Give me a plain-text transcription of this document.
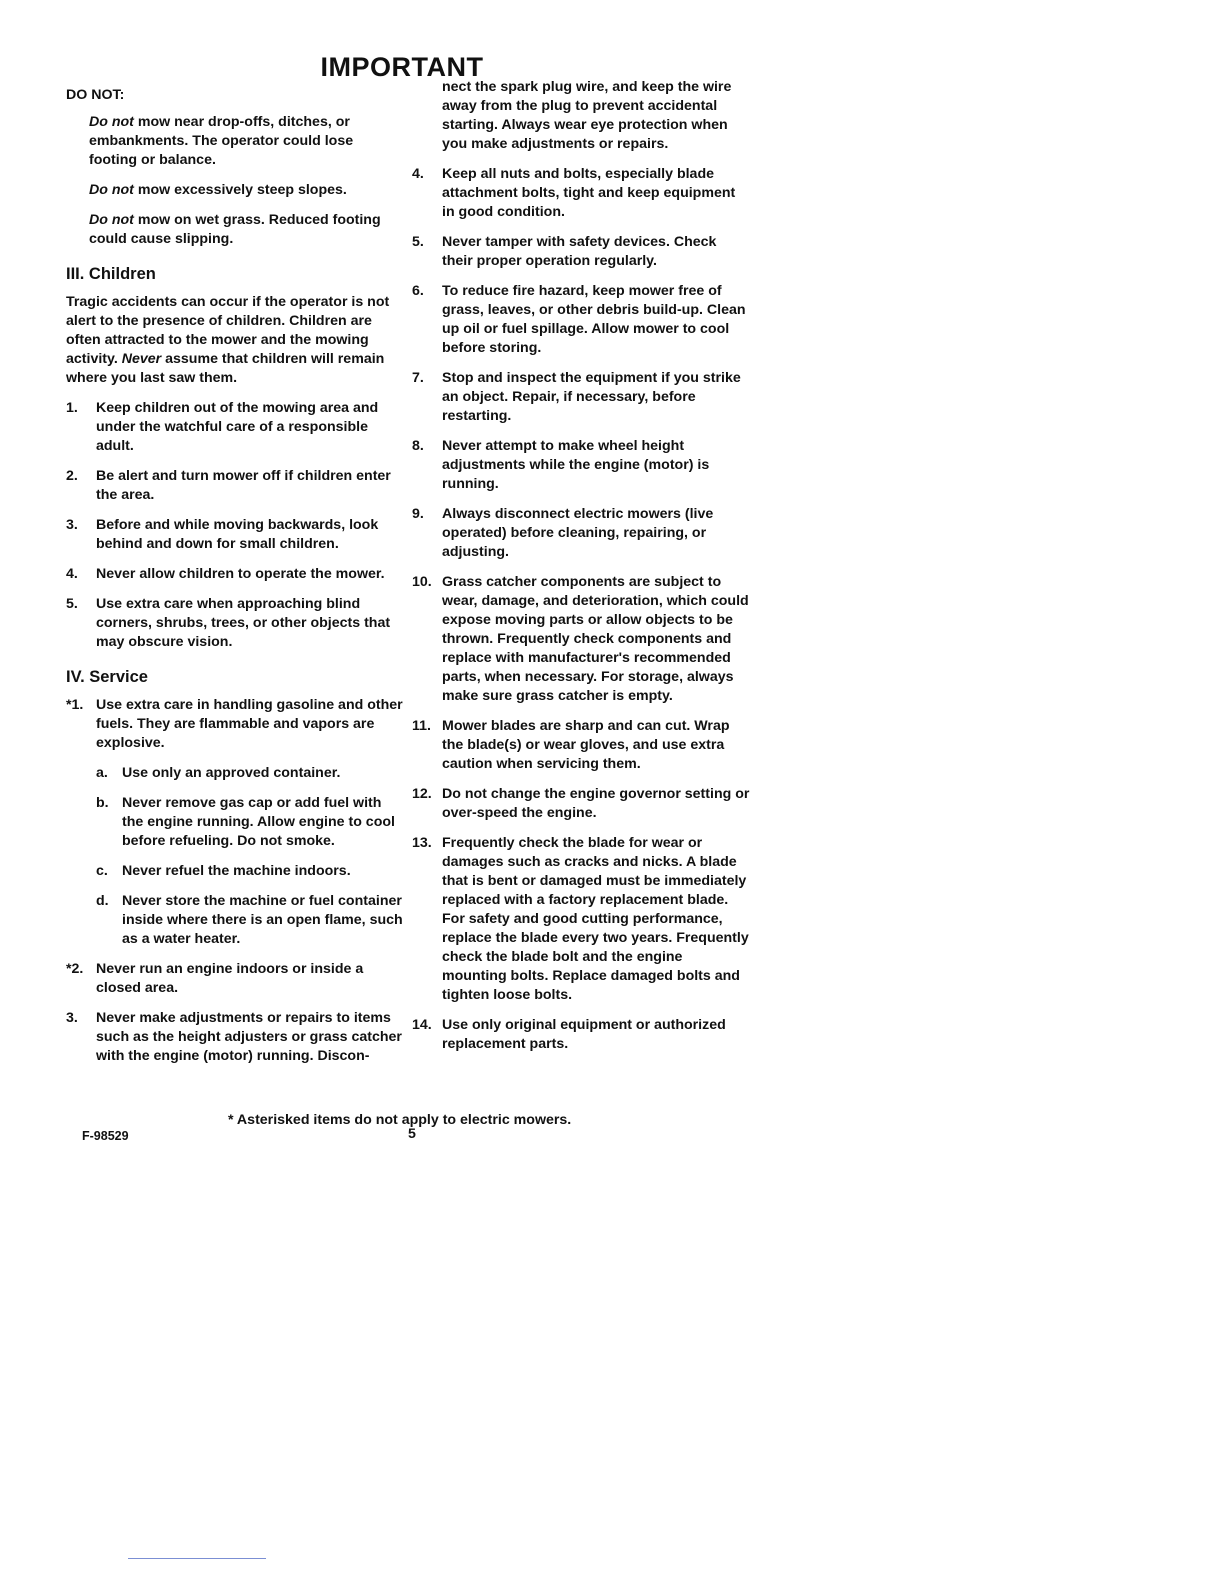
IMPORTANT

DO NOT:

Do not mow near drop-offs, ditches, or embankments. The operator could lose footing or balance.

Do not mow excessively steep slopes.

Do not mow on wet grass. Reduced footing could cause slipping.

III. Children

Tragic accidents can occur if the operator is not alert to the presence of children. Children are often attracted to the mower and the mowing activity. Never assume that children will remain where you last saw them.

1.	Keep children out of the mowing area and under the watchful care of a responsible adult.
2.	Be alert and turn mower off if children enter the area.
3.	Before and while moving backwards, look behind and down for small children.
4.	Never allow children to operate the mower.
5.	Use extra care when approaching blind corners, shrubs, trees, or other objects that may obscure vision.

IV. Service

*1. Use extra care in handling gasoline and other fuels. They are flammable and vapors are explosive.
a. Use only an approved container.
b. Never remove gas cap or add fuel with the engine running. Allow engine to cool before refueling. Do not smoke.
c. Never refuel the machine indoors.
d. Never store the machine or fuel container inside where there is an open flame, such as a water heater.
*2. Never run an engine indoors or inside a closed area.
3.	Never make adjustments or repairs to items such as the height adjusters or grass catcher with the engine (motor) running. Discon-

nect the spark plug wire, and keep the wire away from the plug to prevent accidental starting. Always wear eye protection when you make adjustments or repairs.

4.	Keep all nuts and bolts, especially blade attachment bolts, tight and keep equipment in good condition.
5.	Never tamper with safety devices. Check their proper operation regularly.
6.	To reduce fire hazard, keep mower free of grass, leaves, or other debris build-up. Clean up oil or fuel spillage. Allow mower to cool before storing.
7.	Stop and inspect the equipment if you strike an object. Repair, if necessary, before restarting.
8.	Never attempt to make wheel height adjustments while the engine (motor) is running.
9.	Always disconnect electric mowers (live operated) before cleaning, repairing, or adjusting.
10. Grass catcher components are subject to wear, damage, and deterioration, which could expose moving parts or allow objects to be thrown. Frequently check components and replace with manufacturer's recommended parts, when necessary. For storage, always make sure grass catcher is empty.
11. Mower blades are sharp and can cut. Wrap the blade(s) or wear gloves, and use extra caution when servicing them.
12. Do not change the engine governor setting or over-speed the engine.
13. Frequently check the blade for wear or damages such as cracks and nicks. A blade that is bent or damaged must be immediately replaced with a factory replacement blade. For safety and good cutting performance, replace the blade every two years. Frequently check the blade bolt and the engine mounting bolts. Replace damaged bolts and tighten loose bolts.
14. Use only original equipment or authorized replacement parts.

* Asterisked items do not apply to electric mowers.

F-98529	5
